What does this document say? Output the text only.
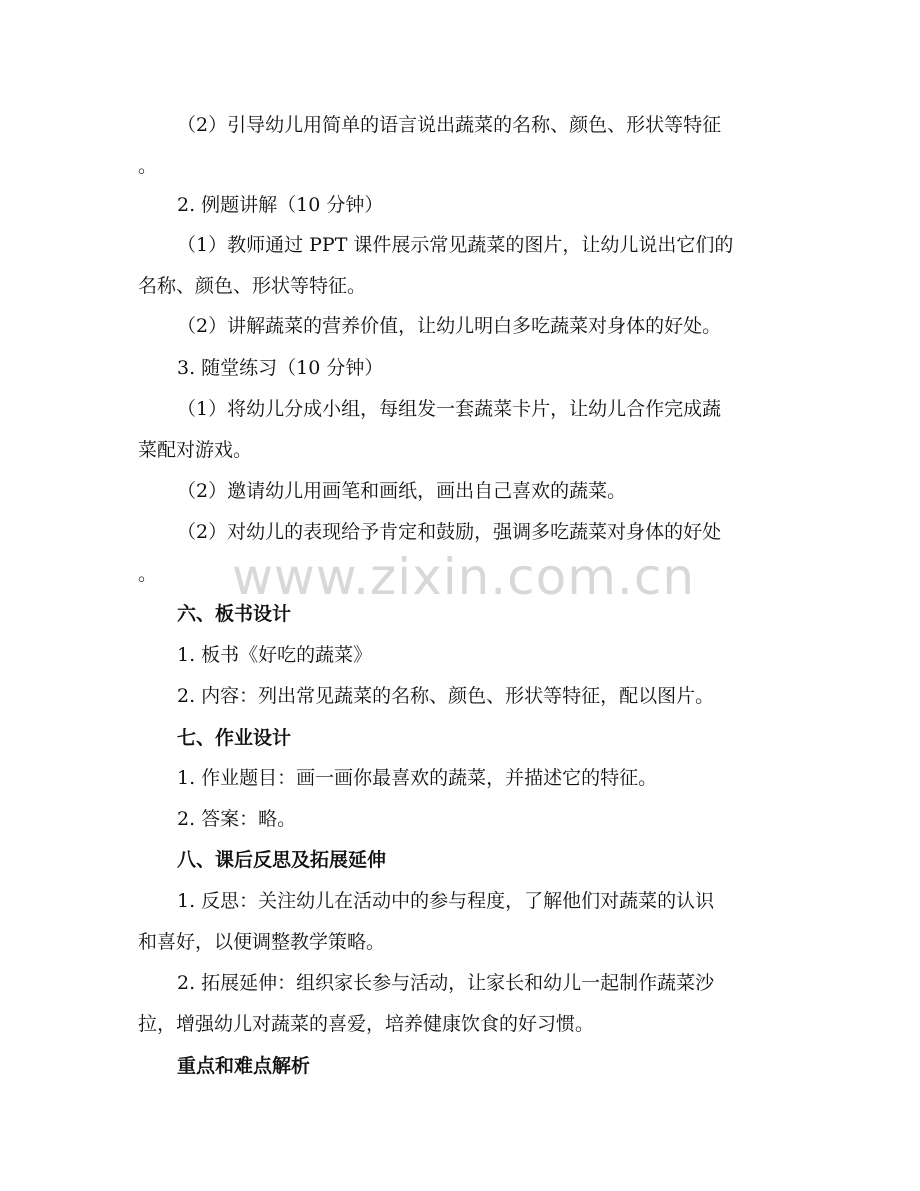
（2）引导幼儿用简单的语言说出蔬菜的名称、颜色、形状等特征
。
2. 例题讲解（10 分钟）
（1）教师通过 PPT 课件展示常见蔬菜的图片，让幼儿说出它们的
名称、颜色、形状等特征。
（2）讲解蔬菜的营养价值，让幼儿明白多吃蔬菜对身体的好处。
3. 随堂练习（10 分钟）
（1）将幼儿分成小组，每组发一套蔬菜卡片，让幼儿合作完成蔬
菜配对游戏。
（2）邀请幼儿用画笔和画纸，画出自己喜欢的蔬菜。
（2）对幼儿的表现给予肯定和鼓励，强调多吃蔬菜对身体的好处
。	www.zixin.com.cn
六、板书设计
1. 板书《好吃的蔬菜》
2. 内容：列出常见蔬菜的名称、颜色、形状等特征，配以图片。
七、作业设计
1. 作业题目：画一画你最喜欢的蔬菜，并描述它的特征。
2. 答案：略。
八、课后反思及拓展延伸
1. 反思：关注幼儿在活动中的参与程度，了解他们对蔬菜的认识
和喜好，以便调整教学策略。
2. 拓展延伸：组织家长参与活动，让家长和幼儿一起制作蔬菜沙
拉，增强幼儿对蔬菜的喜爱，培养健康饮食的好习惯。
重点和难点解析
